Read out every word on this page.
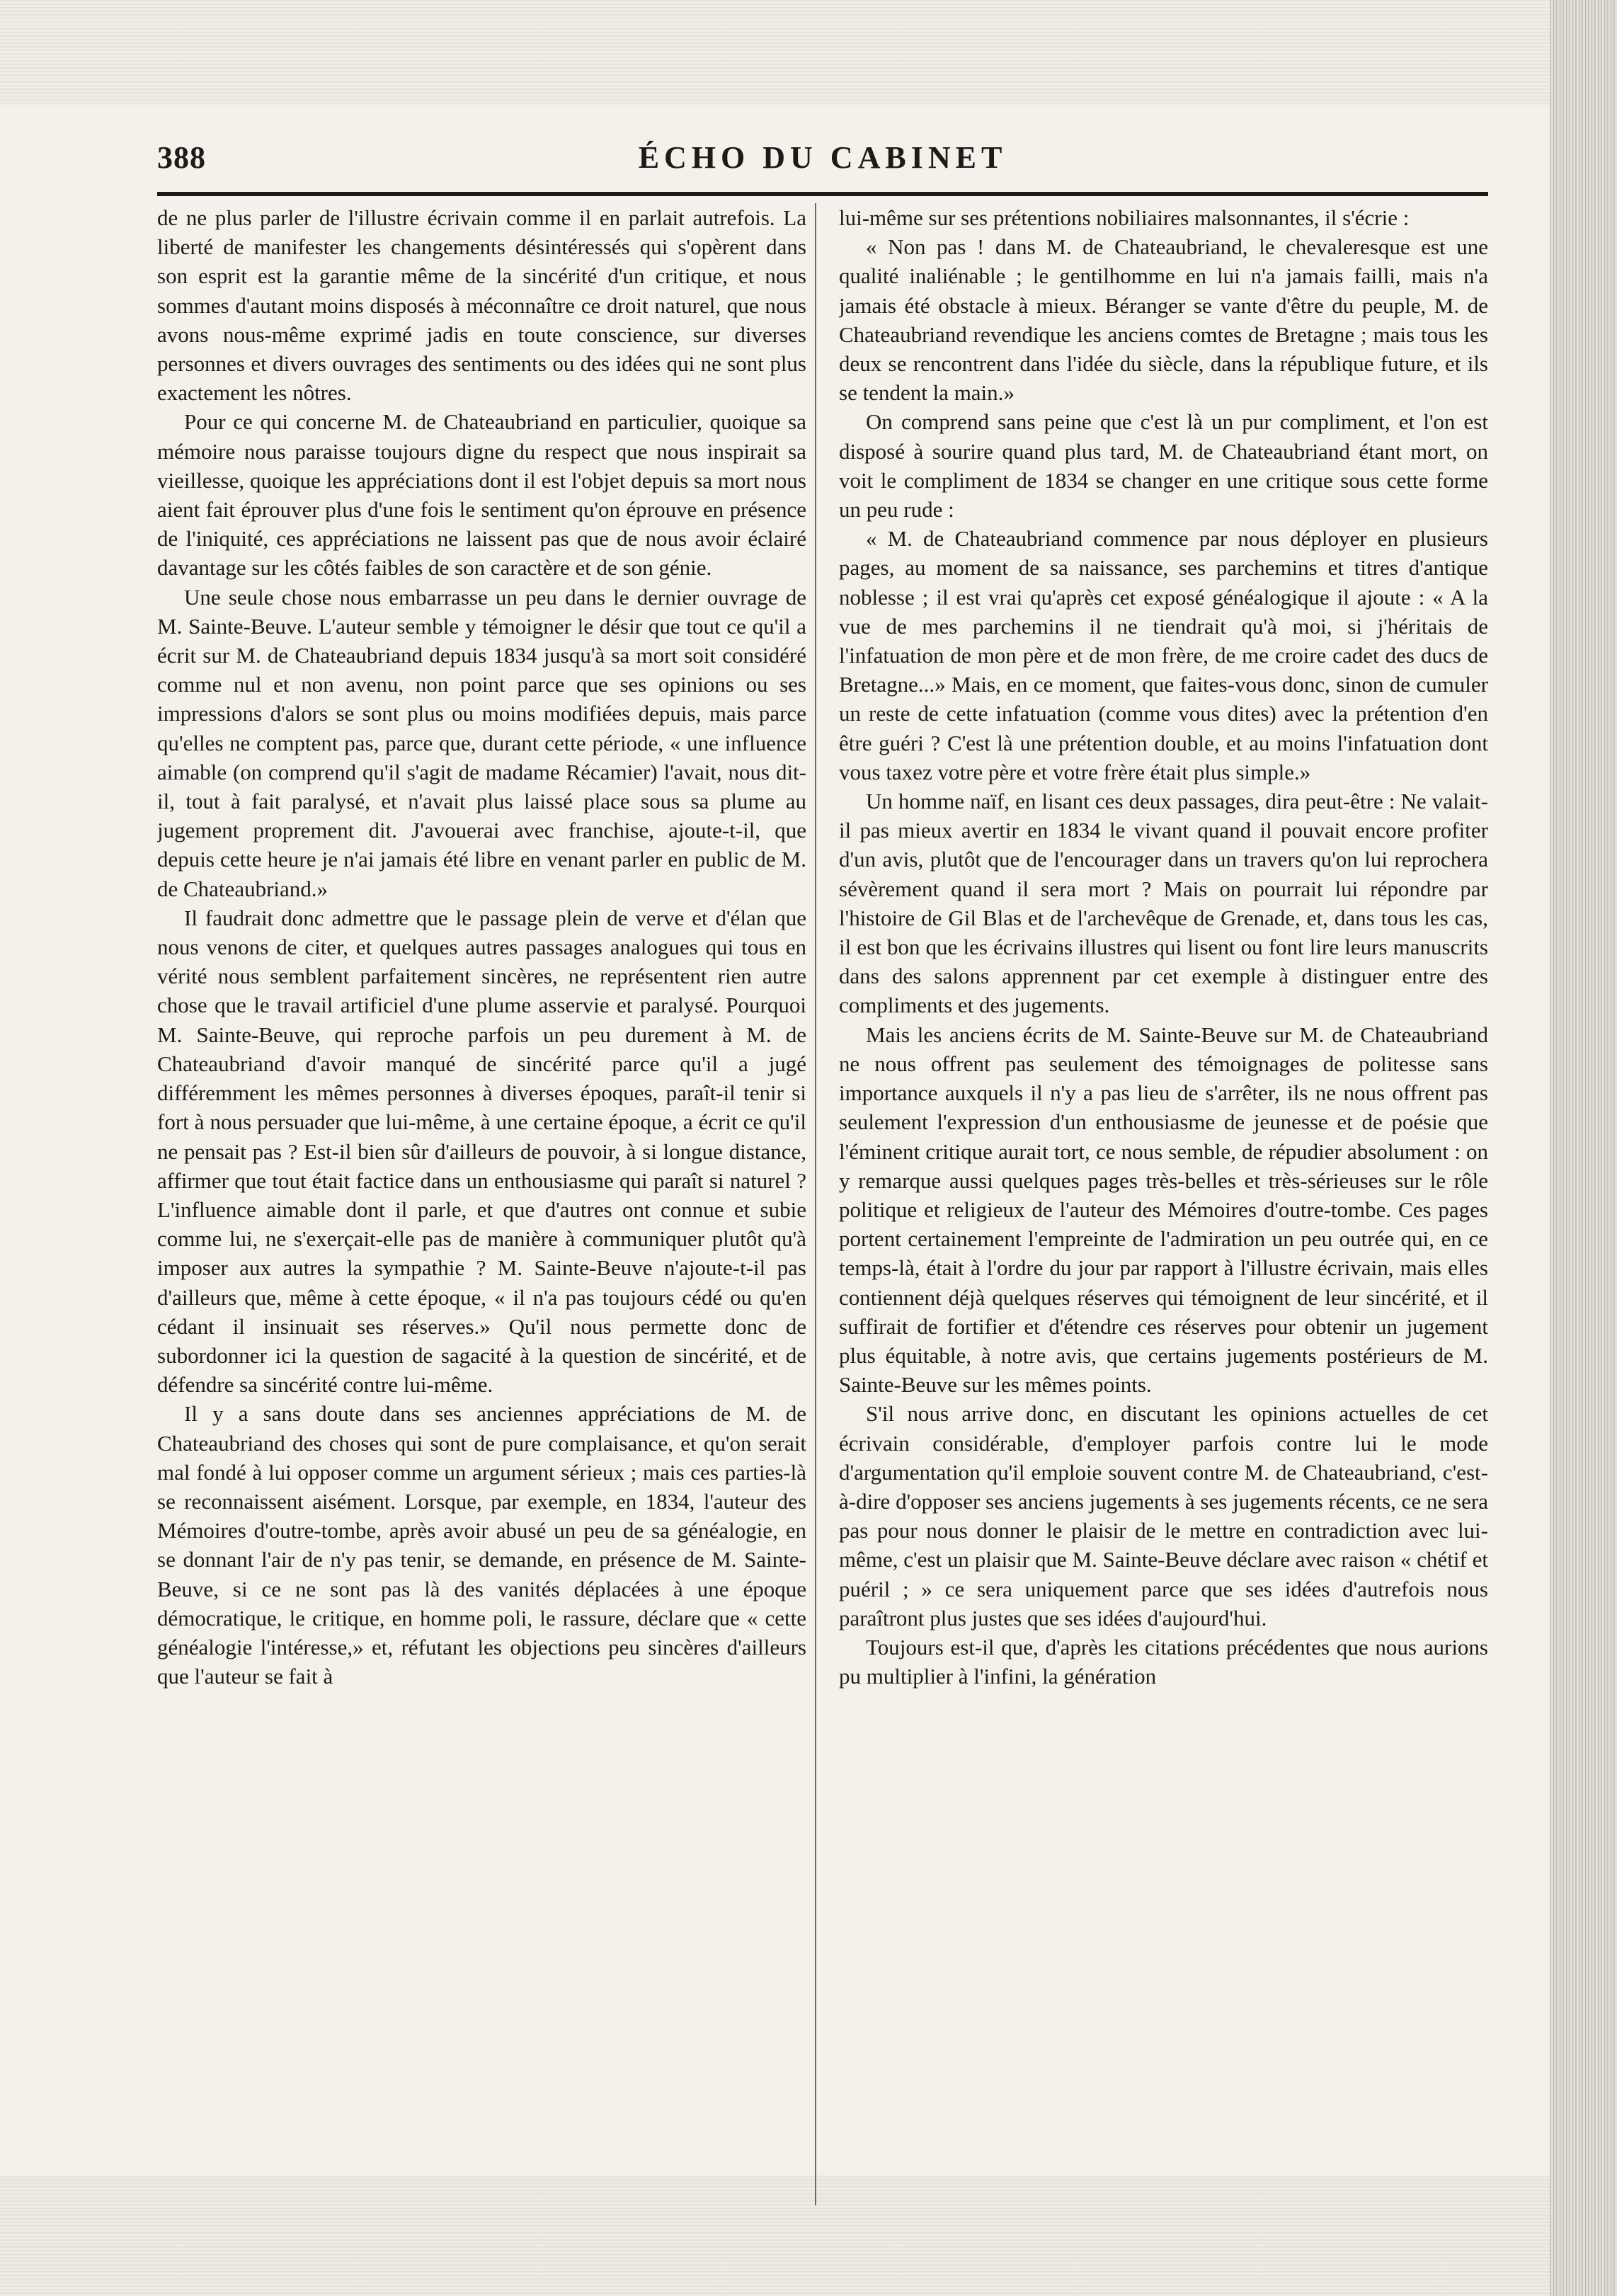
388	ÉCHO DU CABINET

de ne plus parler de l'illustre écrivain comme il en parlait autrefois. La liberté de manifester les changements désintéressés qui s'opèrent dans son esprit est la garantie même de la sincérité d'un critique, et nous sommes d'autant moins disposés à méconnaître ce droit naturel, que nous avons nous-même exprimé jadis en toute conscience, sur diverses personnes et divers ouvrages des sentiments ou des idées qui ne sont plus exactement les nôtres.

Pour ce qui concerne M. de Chateaubriand en particulier, quoique sa mémoire nous paraisse toujours digne du respect que nous inspirait sa vieillesse, quoique les appréciations dont il est l'objet depuis sa mort nous aient fait éprouver plus d'une fois le sentiment qu'on éprouve en présence de l'iniquité, ces appréciations ne laissent pas que de nous avoir éclairé davantage sur les côtés faibles de son caractère et de son génie.

Une seule chose nous embarrasse un peu dans le dernier ouvrage de M. Sainte-Beuve. L'auteur semble y témoigner le désir que tout ce qu'il a écrit sur M. de Chateaubriand depuis 1834 jusqu'à sa mort soit considéré comme nul et non avenu, non point parce que ses opinions ou ses impressions d'alors se sont plus ou moins modifiées depuis, mais parce qu'elles ne comptent pas, parce que, durant cette période, « une influence aimable (on comprend qu'il s'agit de madame Récamier) l'avait, nous dit-il, tout à fait paralysé, et n'avait plus laissé place sous sa plume au jugement proprement dit. J'avouerai avec franchise, ajoute-t-il, que depuis cette heure je n'ai jamais été libre en venant parler en public de M. de Chateaubriand.»

Il faudrait donc admettre que le passage plein de verve et d'élan que nous venons de citer, et quelques autres passages analogues qui tous en vérité nous semblent parfaitement sincères, ne représentent rien autre chose que le travail artificiel d'une plume asservie et paralysé. Pourquoi M. Sainte-Beuve, qui reproche parfois un peu durement à M. de Chateaubriand d'avoir manqué de sincérité parce qu'il a jugé différemment les mêmes personnes à diverses époques, paraît-il tenir si fort à nous persuader que lui-même, à une certaine époque, a écrit ce qu'il ne pensait pas ? Est-il bien sûr d'ailleurs de pouvoir, à si longue distance, affirmer que tout était factice dans un enthousiasme qui paraît si naturel ? L'influence aimable dont il parle, et que d'autres ont connue et subie comme lui, ne s'exerçait-elle pas de manière à communiquer plutôt qu'à imposer aux autres la sympathie ? M. Sainte-Beuve n'ajoute-t-il pas d'ailleurs que, même à cette époque, « il n'a pas toujours cédé ou qu'en cédant il insinuait ses réserves.» Qu'il nous permette donc de subordonner ici la question de sagacité à la question de sincérité, et de défendre sa sincérité contre lui-même.

Il y a sans doute dans ses anciennes appréciations de M. de Chateaubriand des choses qui sont de pure complaisance, et qu'on serait mal fondé à lui opposer comme un argument sérieux ; mais ces parties-là se reconnaissent aisément. Lorsque, par exemple, en 1834, l'auteur des Mémoires d'outre-tombe, après avoir abusé un peu de sa généalogie, en se donnant l'air de n'y pas tenir, se demande, en présence de M. Sainte-Beuve, si ce ne sont pas là des vanités déplacées à une époque démocratique, le critique, en homme poli, le rassure, déclare que « cette généalogie l'intéresse,» et, réfutant les objections peu sincères d'ailleurs que l'auteur se fait à

lui-même sur ses prétentions nobiliaires malsonnantes, il s'écrie :

« Non pas ! dans M. de Chateaubriand, le chevaleresque est une qualité inaliénable ; le gentilhomme en lui n'a jamais failli, mais n'a jamais été obstacle à mieux. Béranger se vante d'être du peuple, M. de Chateaubriand revendique les anciens comtes de Bretagne ; mais tous les deux se rencontrent dans l'idée du siècle, dans la république future, et ils se tendent la main.»

On comprend sans peine que c'est là un pur compliment, et l'on est disposé à sourire quand plus tard, M. de Chateaubriand étant mort, on voit le compliment de 1834 se changer en une critique sous cette forme un peu rude :

« M. de Chateaubriand commence par nous déployer en plusieurs pages, au moment de sa naissance, ses parchemins et titres d'antique noblesse ; il est vrai qu'après cet exposé généalogique il ajoute : « A la vue de mes parchemins il ne tiendrait qu'à moi, si j'héritais de l'infatuation de mon père et de mon frère, de me croire cadet des ducs de Bretagne...» Mais, en ce moment, que faites-vous donc, sinon de cumuler un reste de cette infatuation (comme vous dites) avec la prétention d'en être guéri ? C'est là une prétention double, et au moins l'infatuation dont vous taxez votre père et votre frère était plus simple.»

Un homme naïf, en lisant ces deux passages, dira peut-être : Ne valait-il pas mieux avertir en 1834 le vivant quand il pouvait encore profiter d'un avis, plutôt que de l'encourager dans un travers qu'on lui reprochera sévèrement quand il sera mort ? Mais on pourrait lui répondre par l'histoire de Gil Blas et de l'archevêque de Grenade, et, dans tous les cas, il est bon que les écrivains illustres qui lisent ou font lire leurs manuscrits dans des salons apprennent par cet exemple à distinguer entre des compliments et des jugements.

Mais les anciens écrits de M. Sainte-Beuve sur M. de Chateaubriand ne nous offrent pas seulement des témoignages de politesse sans importance auxquels il n'y a pas lieu de s'arrêter, ils ne nous offrent pas seulement l'expression d'un enthousiasme de jeunesse et de poésie que l'éminent critique aurait tort, ce nous semble, de répudier absolument : on y remarque aussi quelques pages très-belles et très-sérieuses sur le rôle politique et religieux de l'auteur des Mémoires d'outre-tombe. Ces pages portent certainement l'empreinte de l'admiration un peu outrée qui, en ce temps-là, était à l'ordre du jour par rapport à l'illustre écrivain, mais elles contiennent déjà quelques réserves qui témoignent de leur sincérité, et il suffirait de fortifier et d'étendre ces réserves pour obtenir un jugement plus équitable, à notre avis, que certains jugements postérieurs de M. Sainte-Beuve sur les mêmes points.

S'il nous arrive donc, en discutant les opinions actuelles de cet écrivain considérable, d'employer parfois contre lui le mode d'argumentation qu'il emploie souvent contre M. de Chateaubriand, c'est-à-dire d'opposer ses anciens jugements à ses jugements récents, ce ne sera pas pour nous donner le plaisir de le mettre en contradiction avec lui-même, c'est un plaisir que M. Sainte-Beuve déclare avec raison « chétif et puéril ; » ce sera uniquement parce que ses idées d'autrefois nous paraîtront plus justes que ses idées d'aujourd'hui.

Toujours est-il que, d'après les citations précédentes que nous aurions pu multiplier à l'infini, la génération
